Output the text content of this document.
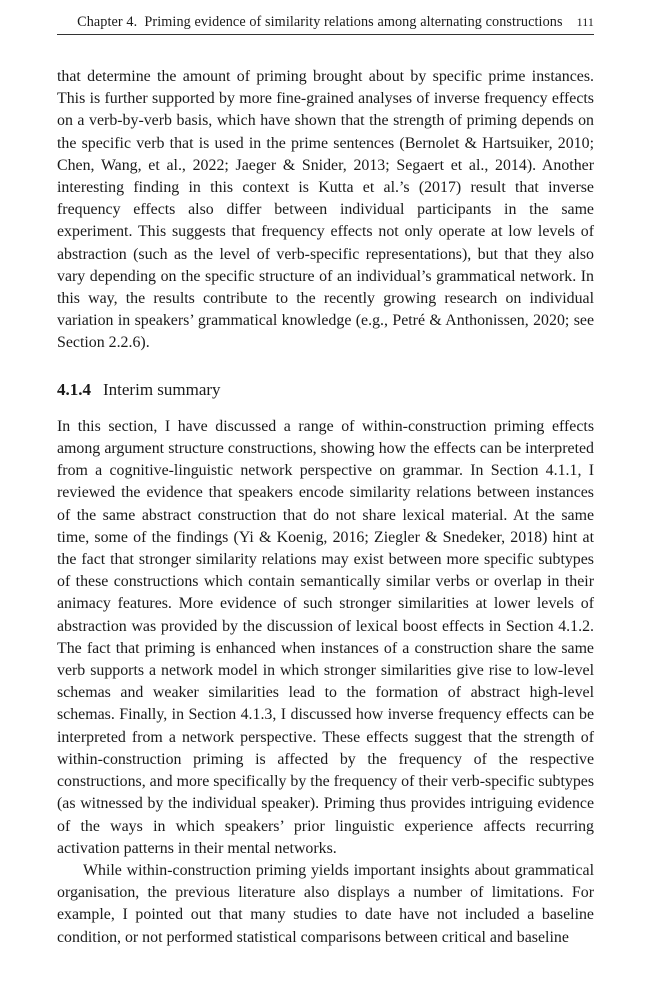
Chapter 4. Priming evidence of similarity relations among alternating constructions	111

that determine the amount of priming brought about by specific prime instances. This is further supported by more fine-grained analyses of inverse frequency effects on a verb-by-verb basis, which have shown that the strength of priming depends on the specific verb that is used in the prime sentences (Bernolet & Hartsuiker, 2010; Chen, Wang, et al., 2022; Jaeger & Snider, 2013; Segaert et al., 2014). Another interesting finding in this context is Kutta et al.’s (2017) result that inverse frequency effects also differ between individual participants in the same experiment. This suggests that frequency effects not only operate at low levels of abstraction (such as the level of verb-specific representations), but that they also vary depending on the specific structure of an individual’s grammatical network. In this way, the results contribute to the recently growing research on individual variation in speakers’ grammatical knowledge (e.g., Petré & Anthonissen, 2020; see Section 2.2.6).

4.1.4 Interim summary

In this section, I have discussed a range of within-construction priming effects among argument structure constructions, showing how the effects can be interpreted from a cognitive-linguistic network perspective on grammar. In Section 4.1.1, I reviewed the evidence that speakers encode similarity relations between instances of the same abstract construction that do not share lexical material. At the same time, some of the findings (Yi & Koenig, 2016; Ziegler & Snedeker, 2018) hint at the fact that stronger similarity relations may exist between more specific subtypes of these constructions which contain semantically similar verbs or overlap in their animacy features. More evidence of such stronger similarities at lower levels of abstraction was provided by the discussion of lexical boost effects in Section 4.1.2. The fact that priming is enhanced when instances of a construction share the same verb supports a network model in which stronger similarities give rise to low-level schemas and weaker similarities lead to the formation of abstract high-level schemas. Finally, in Section 4.1.3, I discussed how inverse frequency effects can be interpreted from a network perspective. These effects suggest that the strength of within-construction priming is affected by the frequency of the respective constructions, and more specifically by the frequency of their verb-specific subtypes (as witnessed by the individual speaker). Priming thus provides intriguing evidence of the ways in which speakers’ prior linguistic experience affects recurring activation patterns in their mental networks.

While within-construction priming yields important insights about grammatical organisation, the previous literature also displays a number of limitations. For example, I pointed out that many studies to date have not included a baseline condition, or not performed statistical comparisons between critical and baseline
